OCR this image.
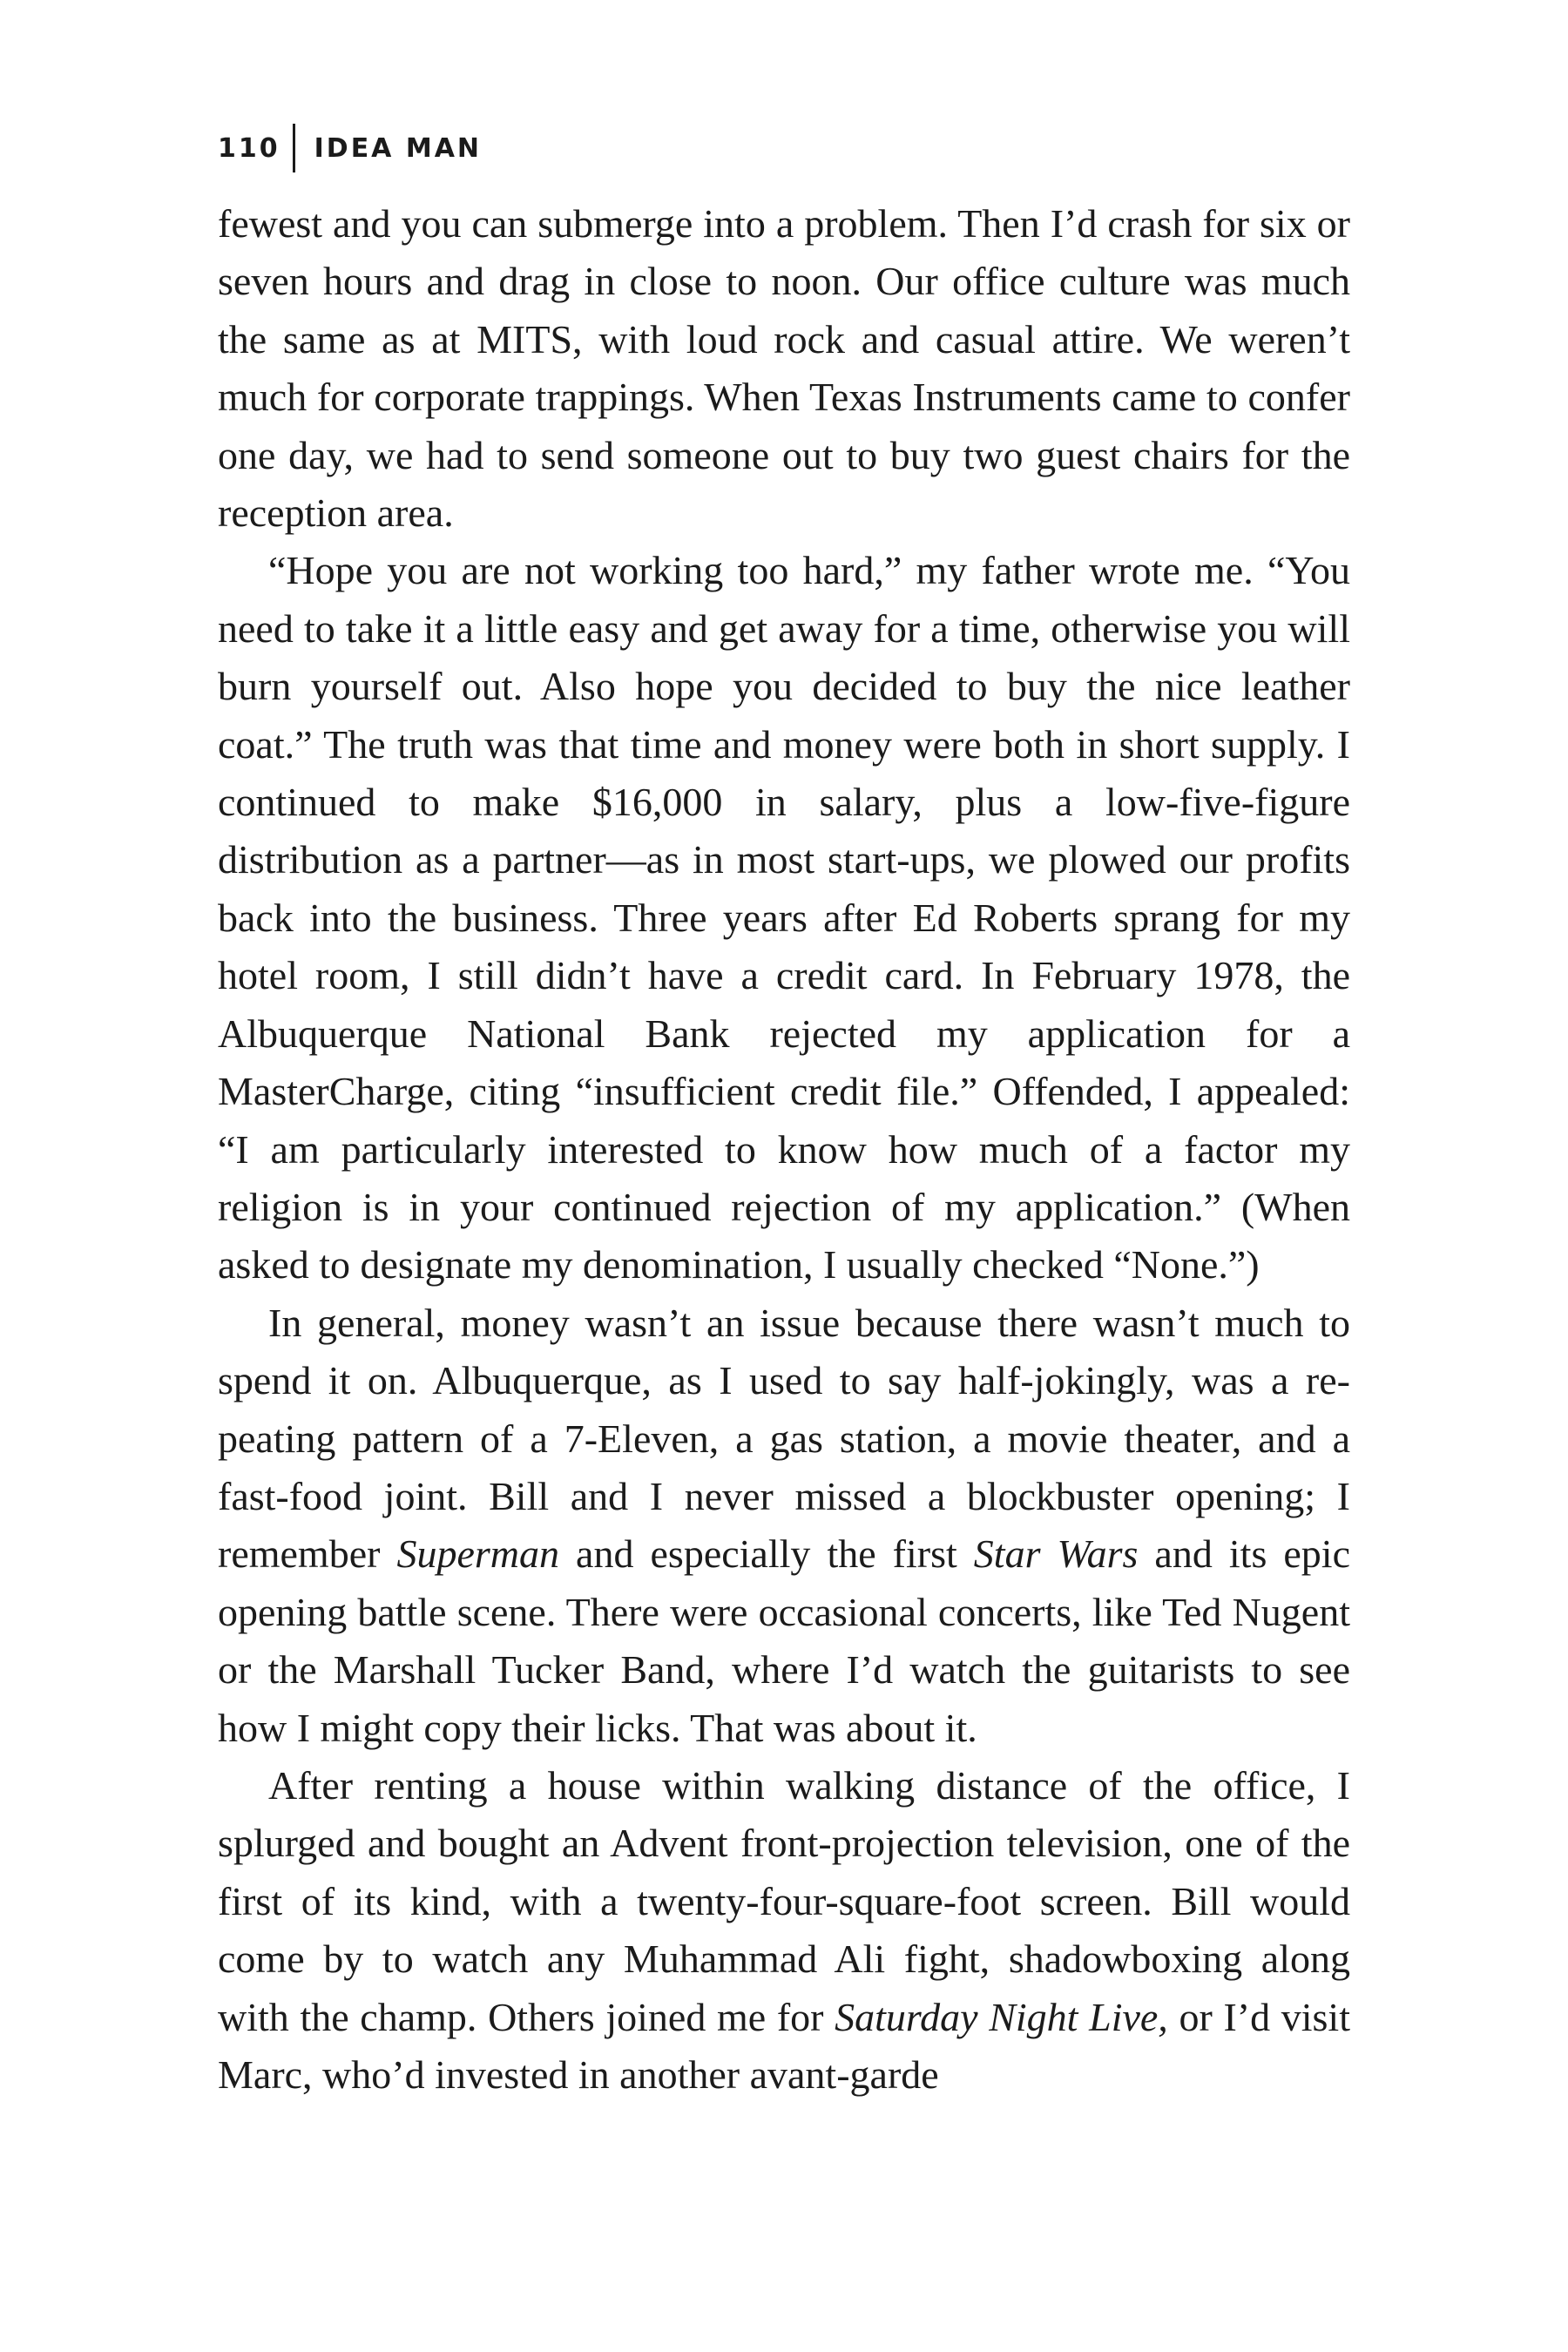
110 IDEA MAN

fewest and you can submerge into a problem. Then I’d crash for six or seven hours and drag in close to noon. Our office culture was much the same as at MITS, with loud rock and casual attire. We weren’t much for corporate trappings. When Texas Instruments came to confer one day, we had to send someone out to buy two guest chairs for the reception area.

“Hope you are not working too hard,” my father wrote me. “You need to take it a little easy and get away for a time, otherwise you will burn yourself out. Also hope you decided to buy the nice leather coat.” The truth was that time and money were both in short supply. I continued to make $16,000 in salary, plus a low-five-figure distribution as a partner—as in most start-ups, we plowed our profits back into the business. Three years after Ed Roberts sprang for my hotel room, I still didn’t have a credit card. In February 1978, the Albuquerque National Bank rejected my application for a MasterCharge, citing “insufficient credit file.” Offended, I appealed: “I am particularly interested to know how much of a factor my religion is in your continued rejection of my application.” (When asked to designate my denomination, I usually checked “None.”)

In general, money wasn’t an issue because there wasn’t much to spend it on. Albuquerque, as I used to say half-jokingly, was a repeating pattern of a 7-Eleven, a gas station, a movie theater, and a fast-food joint. Bill and I never missed a blockbuster opening; I remember Superman and especially the first Star Wars and its epic opening battle scene. There were occasional concerts, like Ted Nugent or the Marshall Tucker Band, where I’d watch the guitarists to see how I might copy their licks. That was about it.

After renting a house within walking distance of the office, I splurged and bought an Advent front-projection television, one of the first of its kind, with a twenty-four-square-foot screen. Bill would come by to watch any Muhammad Ali fight, shadowboxing along with the champ. Others joined me for Saturday Night Live, or I’d visit Marc, who’d invested in another avant-garde
